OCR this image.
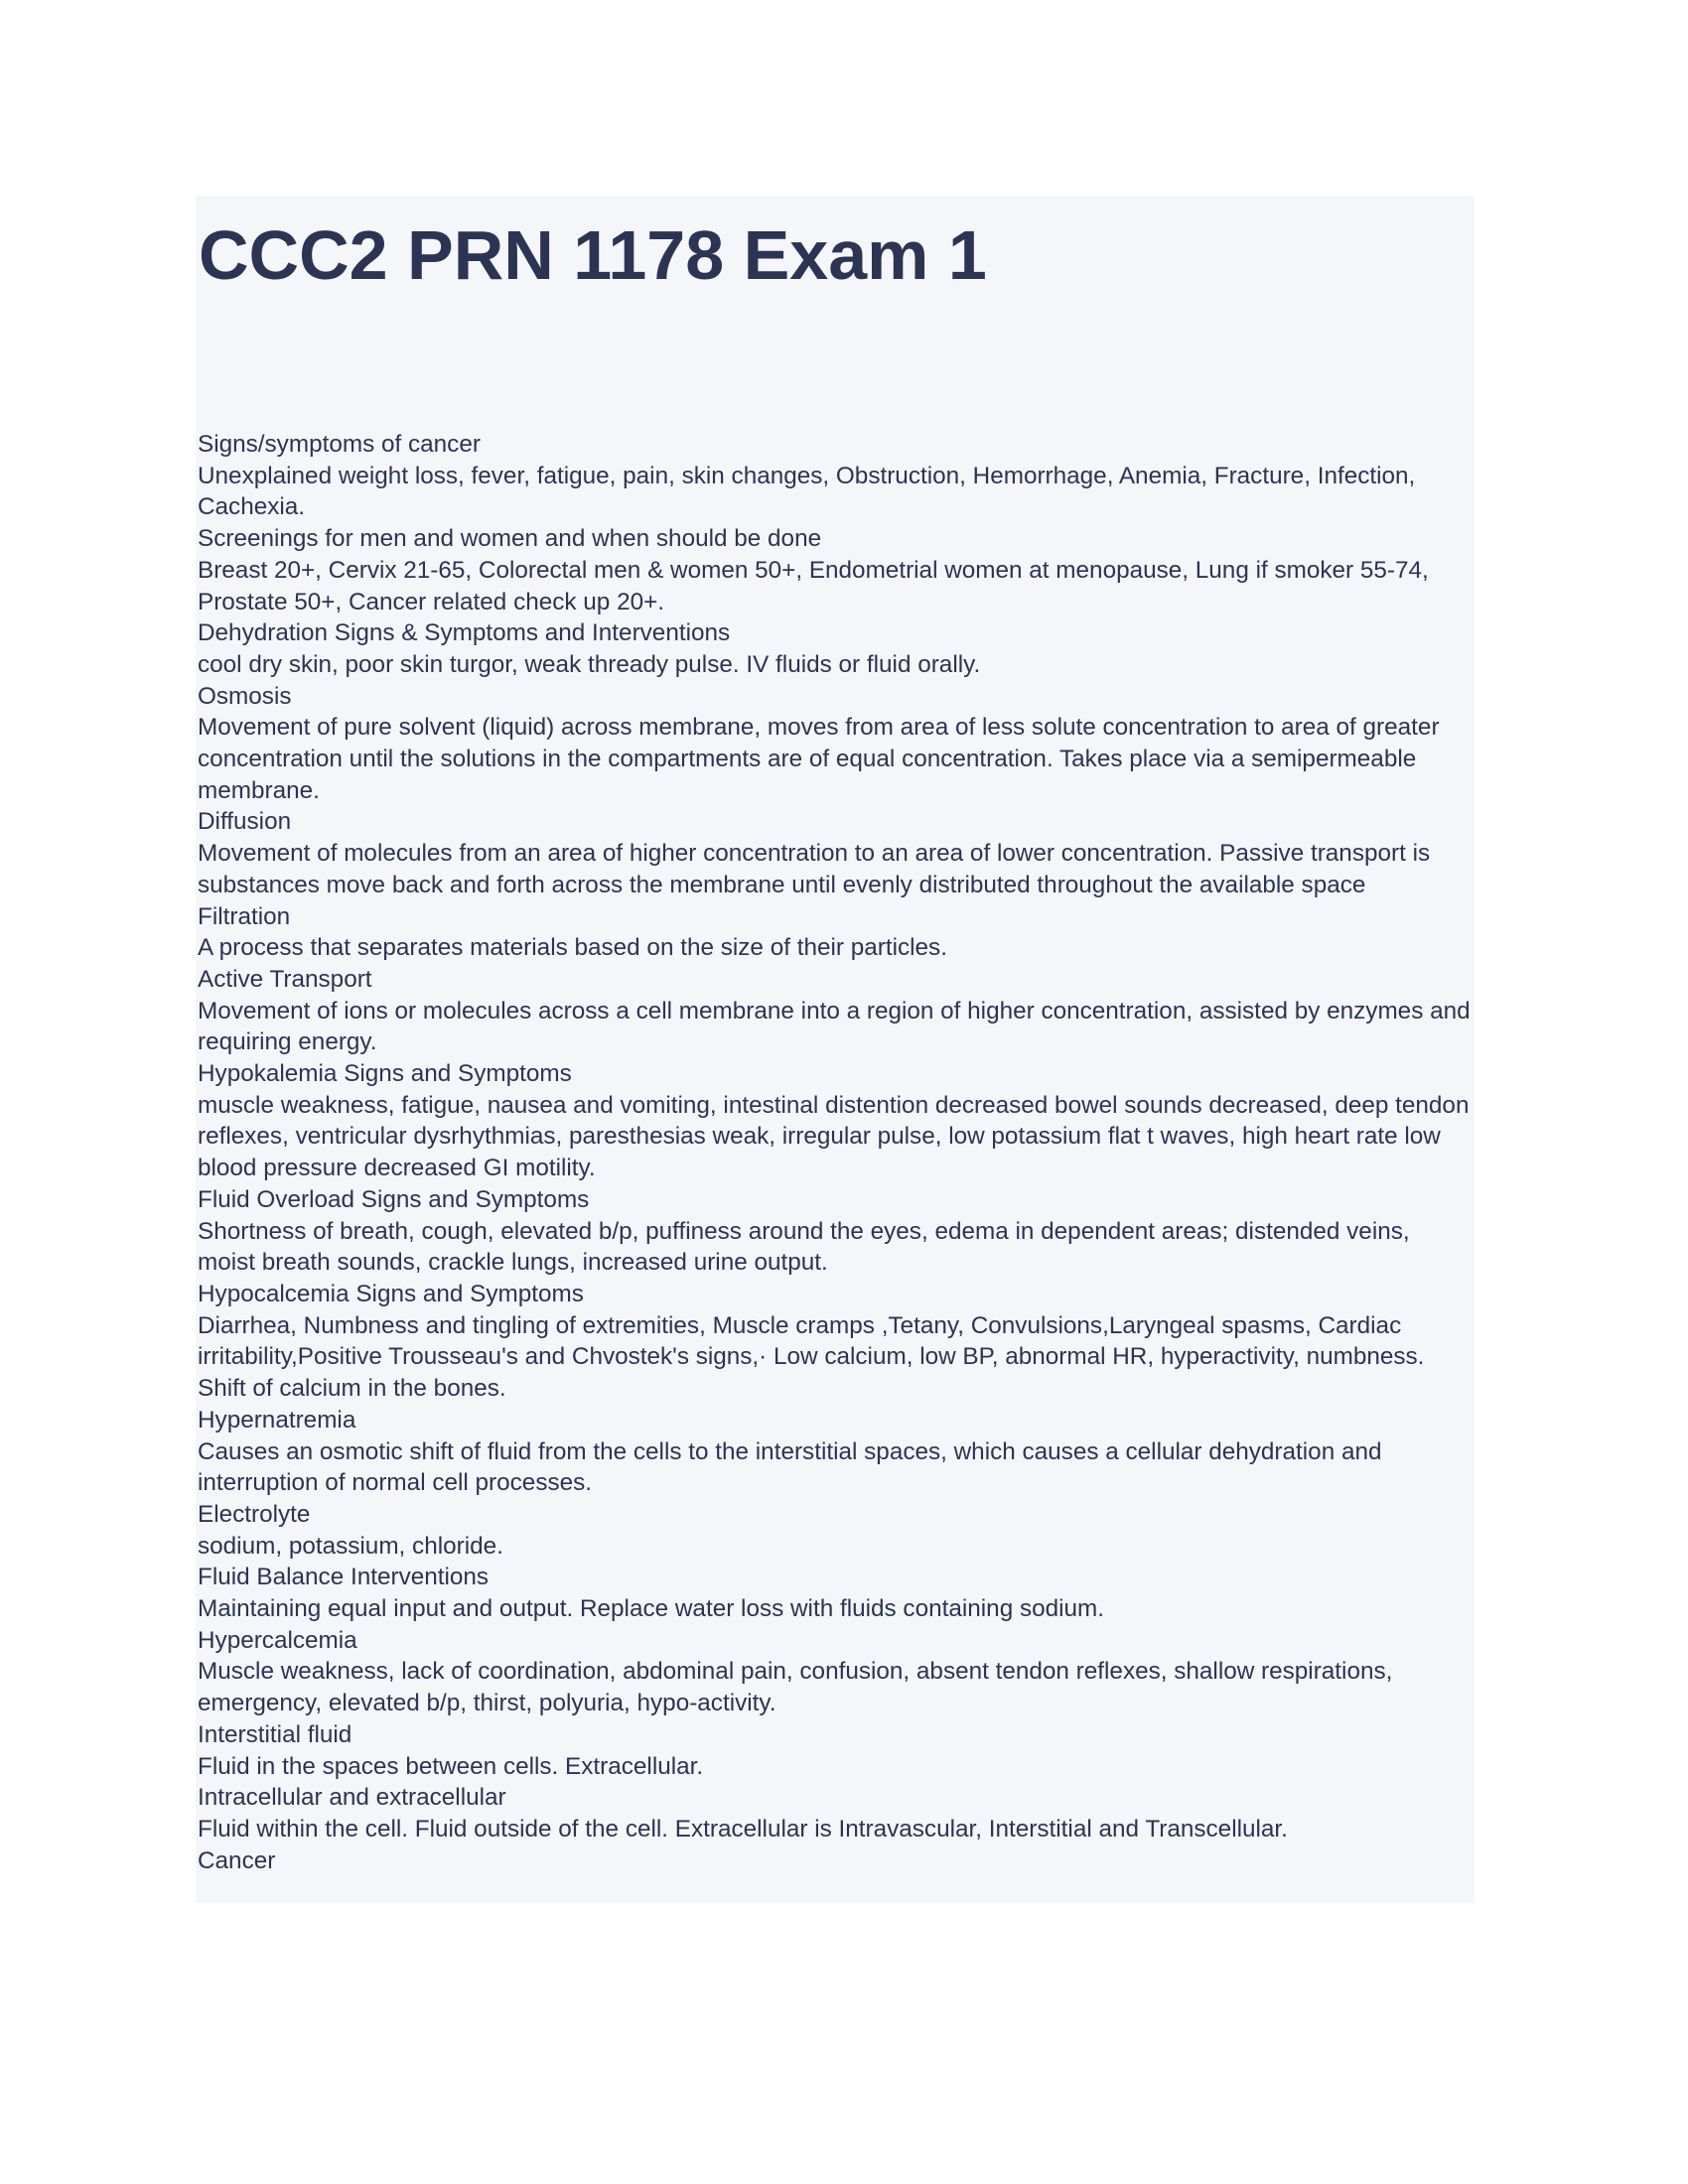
CCC2 PRN 1178 Exam 1

Signs/symptoms of cancer

Unexplained weight loss, fever, fatigue, pain, skin changes, Obstruction, Hemorrhage, Anemia, Fracture, Infection, Cachexia.

Screenings for men and women and when should be done

Breast 20+, Cervix 21-65, Colorectal men & women 50+, Endometrial women at menopause, Lung if smoker 55-74, Prostate 50+, Cancer related check up 20+.

Dehydration Signs & Symptoms and Interventions

cool dry skin, poor skin turgor, weak thready pulse. IV fluids or fluid orally.

Osmosis

Movement of pure solvent (liquid) across membrane, moves from area of less solute concentration to area of greater concentration until the solutions in the compartments are of equal concentration. Takes place via a semipermeable membrane.

Diffusion

Movement of molecules from an area of higher concentration to an area of lower concentration. Passive transport is substances move back and forth across the membrane until evenly distributed throughout the available space

Filtration

A process that separates materials based on the size of their particles.

Active Transport

Movement of ions or molecules across a cell membrane into a region of higher concentration, assisted by enzymes and requiring energy.

Hypokalemia Signs and Symptoms

muscle weakness, fatigue, nausea and vomiting, intestinal distention decreased bowel sounds decreased, deep tendon reflexes, ventricular dysrhythmias, paresthesias weak, irregular pulse, low potassium flat t waves, high heart rate low blood pressure decreased GI motility.

Fluid Overload Signs and Symptoms

Shortness of breath, cough, elevated b/p, puffiness around the eyes, edema in dependent areas; distended veins, moist breath sounds, crackle lungs, increased urine output.

Hypocalcemia Signs and Symptoms

Diarrhea, Numbness and tingling of extremities, Muscle cramps ,Tetany, Convulsions,Laryngeal spasms, Cardiac irritability,Positive Trousseau's and Chvostek's signs,· Low calcium, low BP, abnormal HR, hyperactivity, numbness. Shift of calcium in the bones.

Hypernatremia

Causes an osmotic shift of fluid from the cells to the interstitial spaces, which causes a cellular dehydration and interruption of normal cell processes.

Electrolyte

sodium, potassium, chloride.

Fluid Balance Interventions

Maintaining equal input and output. Replace water loss with fluids containing sodium.

Hypercalcemia

Muscle weakness, lack of coordination, abdominal pain, confusion, absent tendon reflexes, shallow respirations, emergency, elevated b/p, thirst, polyuria, hypo-activity.

Interstitial fluid

Fluid in the spaces between cells. Extracellular.

Intracellular and extracellular

Fluid within the cell. Fluid outside of the cell. Extracellular is Intravascular, Interstitial and Transcellular.

Cancer
